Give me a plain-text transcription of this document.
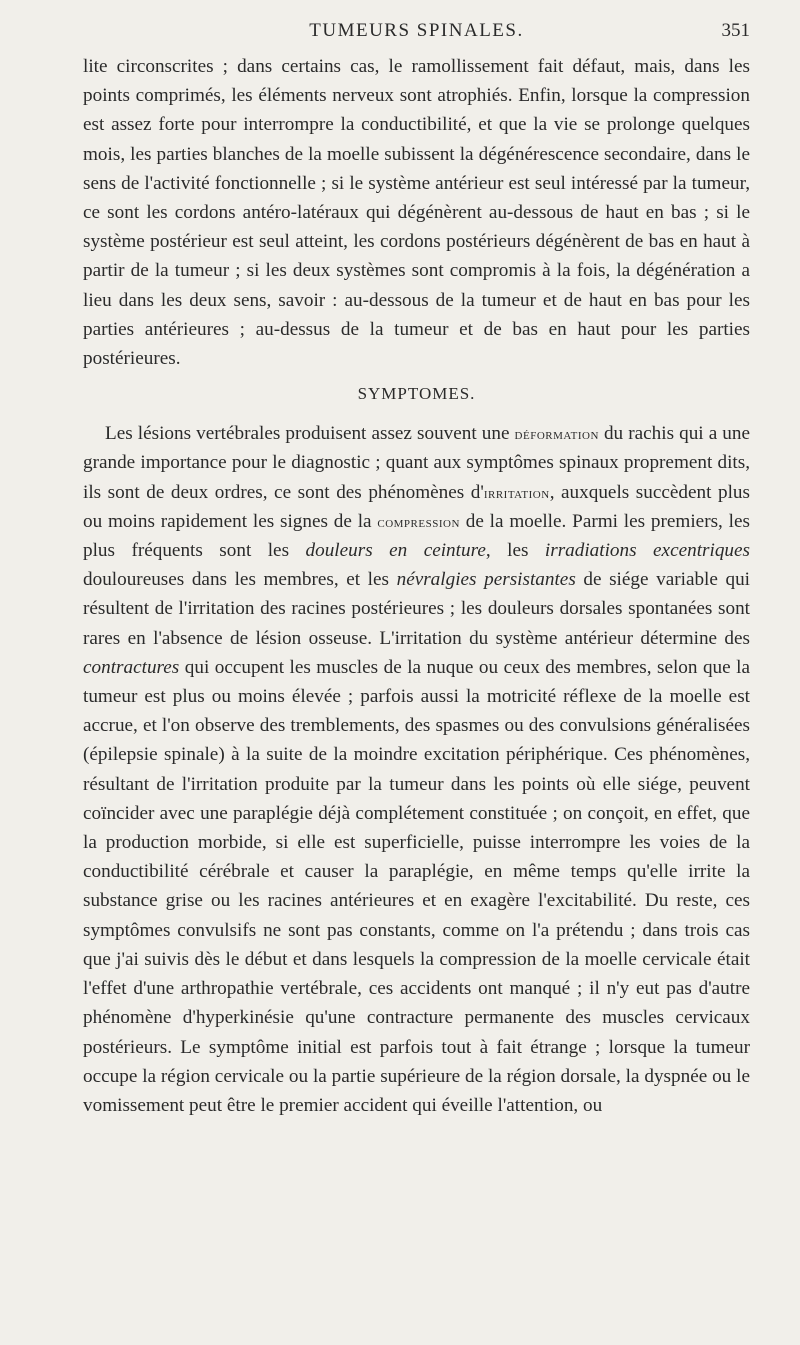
TUMEURS SPINALES.	351

lite circonscrites ; dans certains cas, le ramollissement fait défaut, mais, dans les points comprimés, les éléments nerveux sont atrophiés. Enfin, lorsque la compression est assez forte pour interrompre la conductibilité, et que la vie se prolonge quelques mois, les parties blanches de la moelle subissent la dégénérescence secondaire, dans le sens de l'activité fonctionnelle ; si le système antérieur est seul intéressé par la tumeur, ce sont les cordons antéro-latéraux qui dégénèrent au-dessous de haut en bas ; si le système postérieur est seul atteint, les cordons postérieurs dégénèrent de bas en haut à partir de la tumeur ; si les deux systèmes sont compromis à la fois, la dégénération a lieu dans les deux sens, savoir : au-dessous de la tumeur et de haut en bas pour les parties antérieures ; au-dessus de la tumeur et de bas en haut pour les parties postérieures.

SYMPTOMES.

Les lésions vertébrales produisent assez souvent une déformation du rachis qui a une grande importance pour le diagnostic ; quant aux symptômes spinaux proprement dits, ils sont de deux ordres, ce sont des phénomènes d'irritation, auxquels succèdent plus ou moins rapidement les signes de la compression de la moelle. Parmi les premiers, les plus fréquents sont les douleurs en ceinture, les irradiations excentriques douloureuses dans les membres, et les névralgies persistantes de siége variable qui résultent de l'irritation des racines postérieures ; les douleurs dorsales spontanées sont rares en l'absence de lésion osseuse. L'irritation du système antérieur détermine des contractures qui occupent les muscles de la nuque ou ceux des membres, selon que la tumeur est plus ou moins élevée ; parfois aussi la motricité réflexe de la moelle est accrue, et l'on observe des tremblements, des spasmes ou des convulsions généralisées (épilepsie spinale) à la suite de la moindre excitation périphérique. Ces phénomènes, résultant de l'irritation produite par la tumeur dans les points où elle siége, peuvent coïncider avec une paraplégie déjà complétement constituée ; on conçoit, en effet, que la production morbide, si elle est superficielle, puisse interrompre les voies de la conductibilité cérébrale et causer la paraplégie, en même temps qu'elle irrite la substance grise ou les racines antérieures et en exagère l'excitabilité. Du reste, ces symptômes convulsifs ne sont pas constants, comme on l'a prétendu ; dans trois cas que j'ai suivis dès le début et dans lesquels la compression de la moelle cervicale était l'effet d'une arthropathie vertébrale, ces accidents ont manqué ; il n'y eut pas d'autre phénomène d'hyperkinésie qu'une contracture permanente des muscles cervicaux postérieurs. Le symptôme initial est parfois tout à fait étrange ; lorsque la tumeur occupe la région cervicale ou la partie supérieure de la région dorsale, la dyspnée ou le vomissement peut être le premier accident qui éveille l'attention, ou
